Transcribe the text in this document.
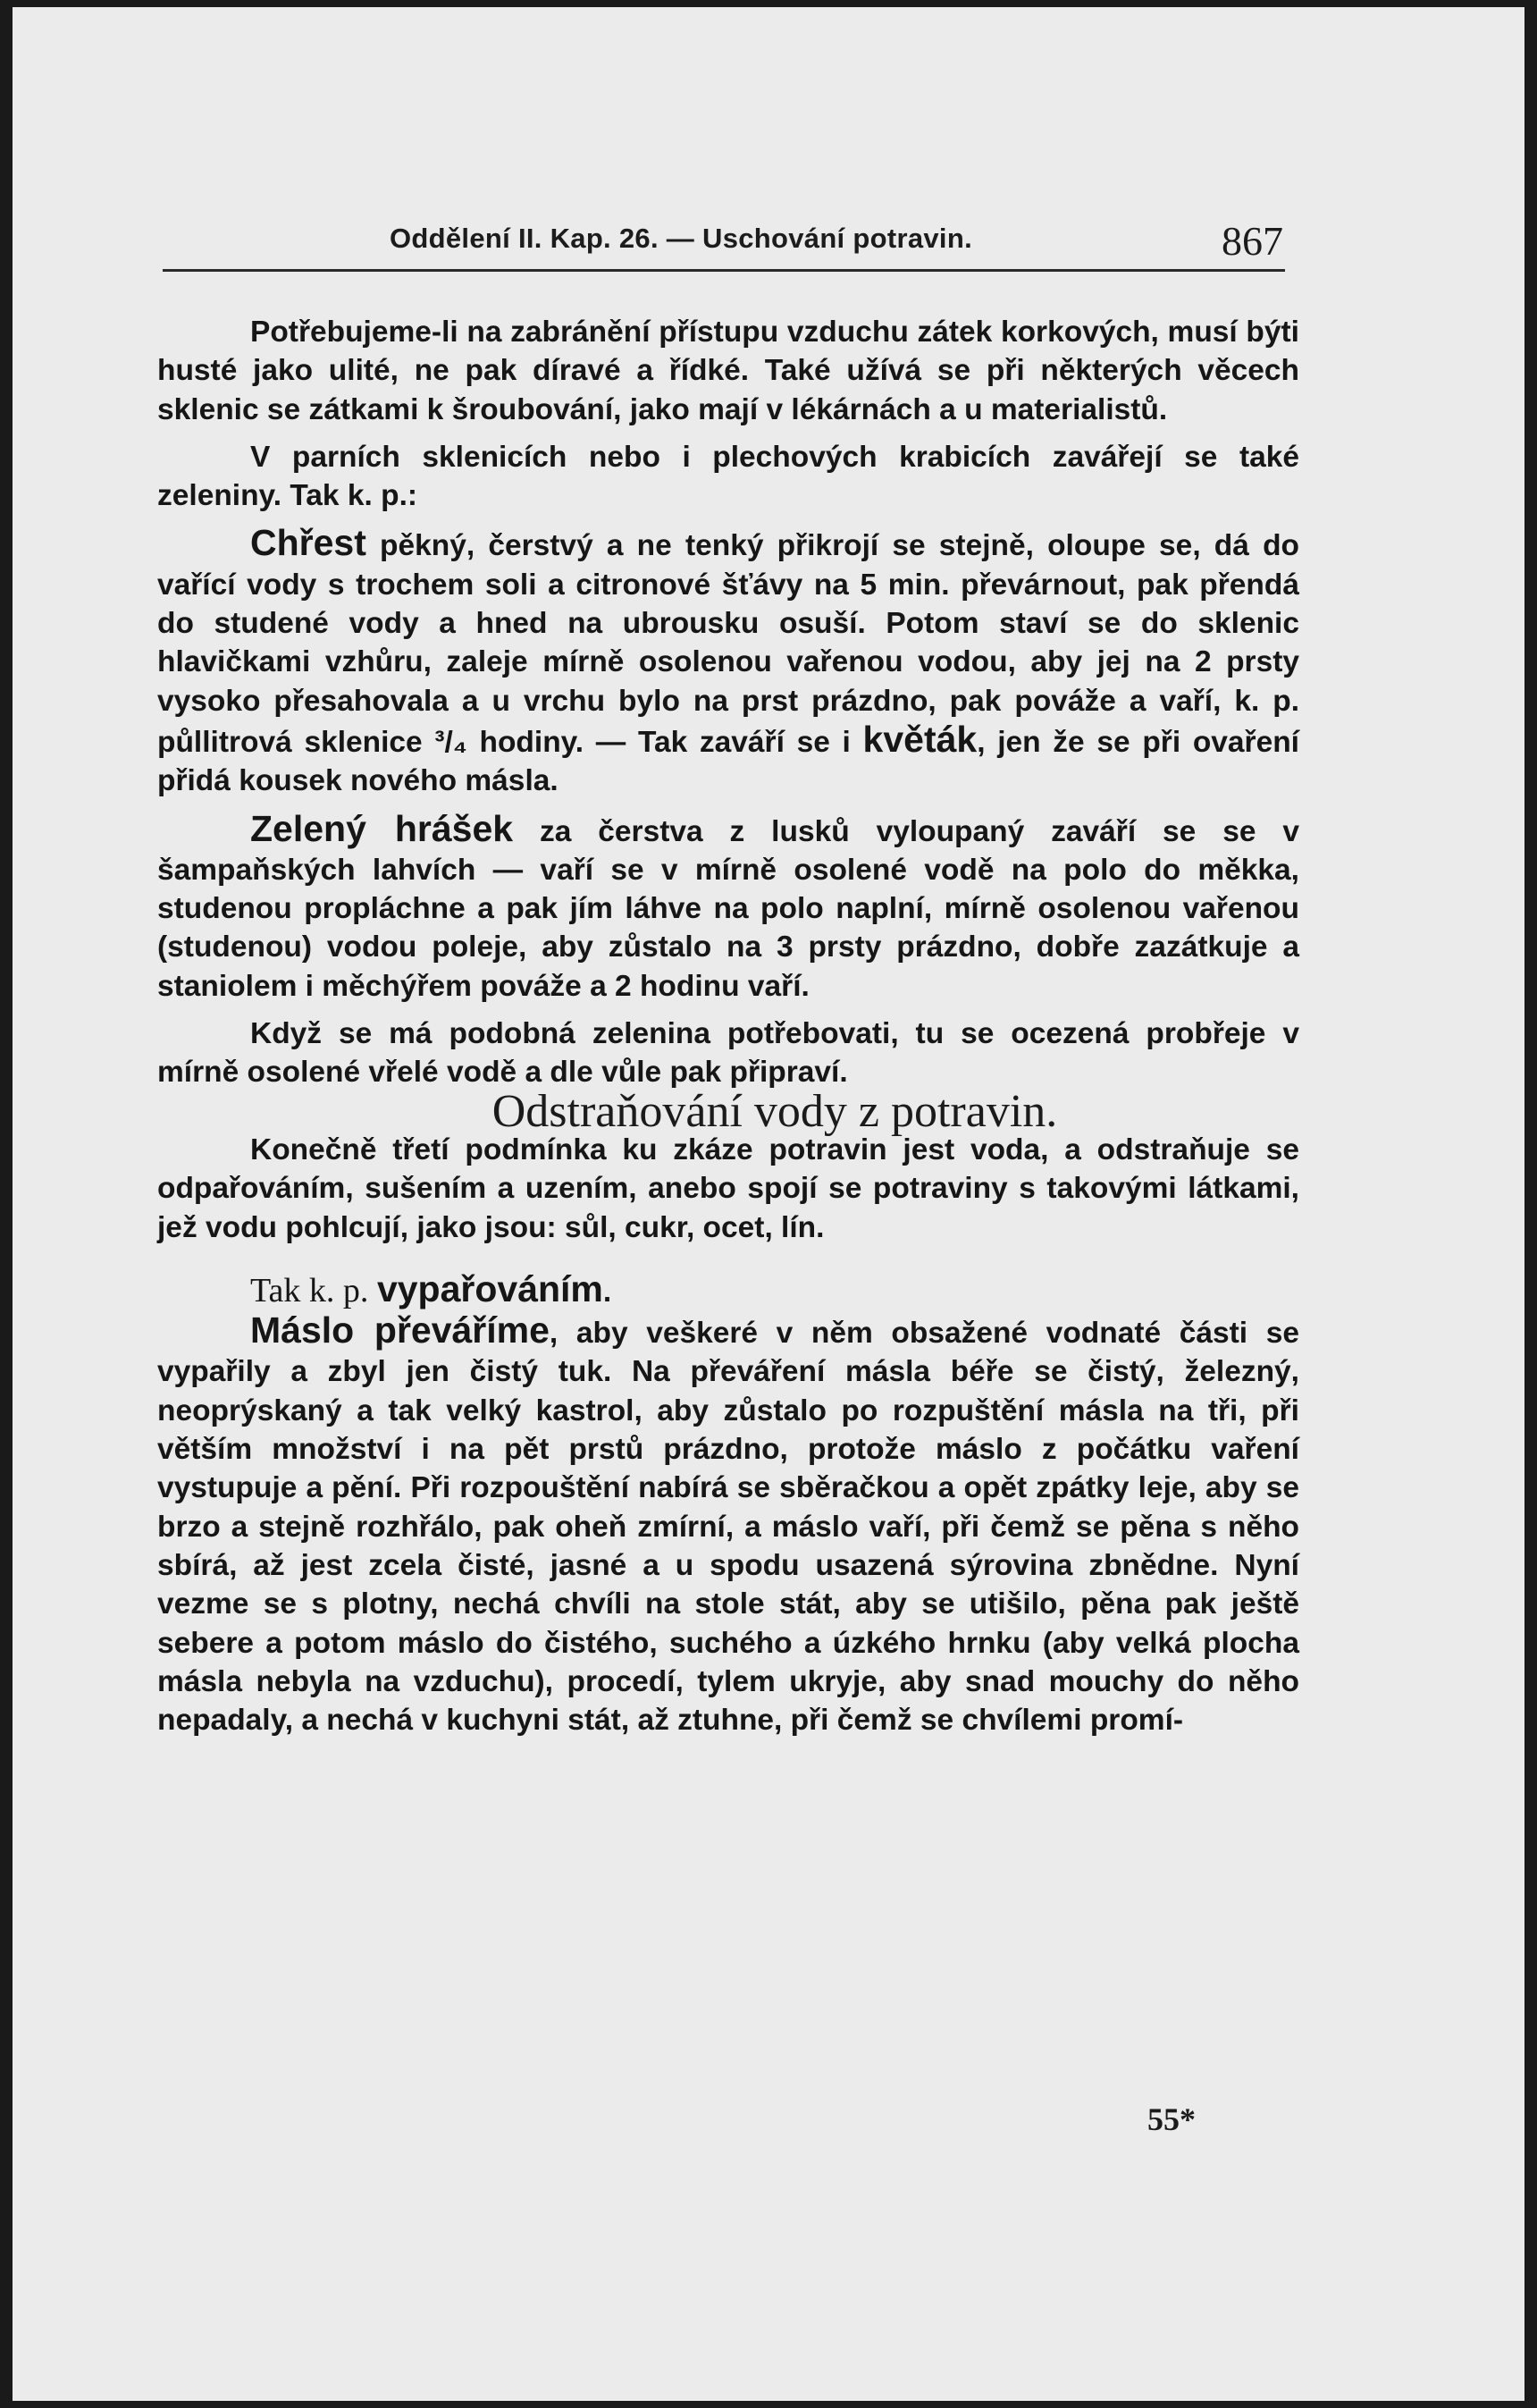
Oddělení II. Kap. 26. — Uschování potravin.	867

Potřebujeme-li na zabránění přístupu vzduchu zátek korkových, musí býti husté jako ulité, ne pak díravé a řídké. Také užívá se při některých věcech sklenic se zátkami k šroubování, jako mají v lékárnách a u materialistů.

V parních sklenicích nebo i plechových krabicích zavářejí se také zeleniny. Tak k. p.:

Chřest pěkný, čerstvý a ne tenký přikrojí se stejně, oloupe se, dá do vařící vody s trochem soli a citronové šťávy na 5 min. převárnout, pak přendá do studené vody a hned na ubrousku osuší. Potom staví se do sklenic hlavičkami vzhůru, zaleje mírně osolenou vařenou vodou, aby jej na 2 prsty vysoko přesahovala a u vrchu bylo na prst prázdno, pak pováže a vaří, k. p. půllitrová sklenice ³/₄ hodiny. — Tak zaváří se i květák, jen že se při ovaření přidá kousek nového másla.

Zelený hrášek za čerstva z lusků vyloupaný zaváří se se v šampaňských lahvích — vaří se v mírně osolené vodě na polo do měkka, studenou propláchne a pak jím láhve na polo naplní, mírně osolenou vařenou (studenou) vodou poleje, aby zůstalo na 3 prsty prázdno, dobře zazátkuje a staniolem i měchýřem pováže a 2 hodinu vaří.

Když se má podobná zelenina potřebovati, tu se ocezená probřeje v mírně osolené vřelé vodě a dle vůle pak připraví.

Odstraňování vody z potravin.

Konečně třetí podmínka ku zkáze potravin jest voda, a odstraňuje se odpařováním, sušením a uzením, anebo spojí se potraviny s takovými látkami, jež vodu pohlcují, jako jsou: sůl, cukr, ocet, lín.

Tak k. p. vypařováním.

Máslo převáříme, aby veškeré v něm obsažené vodnaté části se vypařily a zbyl jen čistý tuk. Na převáření másla béře se čistý, železný, neoprýskaný a tak velký kastrol, aby zůstalo po rozpuštění másla na tři, při větším množství i na pět prstů prázdno, protože máslo z počátku vaření vystupuje a pění. Při rozpouštění nabírá se sběračkou a opět zpátky leje, aby se brzo a stejně rozhřálo, pak oheň zmírní, a máslo vaří, při čemž se pěna s něho sbírá, až jest zcela čisté, jasné a u spodu usazená sýrovina zbnědne. Nyní vezme se s plotny, nechá chvíli na stole stát, aby se utišilo, pěna pak ještě sebere a potom máslo do čistého, suchého a úzkého hrnku (aby velká plocha másla nebyla na vzduchu), procedí, tylem ukryje, aby snad mouchy do něho nepadaly, a nechá v kuchyni stát, až ztuhne, při čemž se chvílemi promí-

55*
